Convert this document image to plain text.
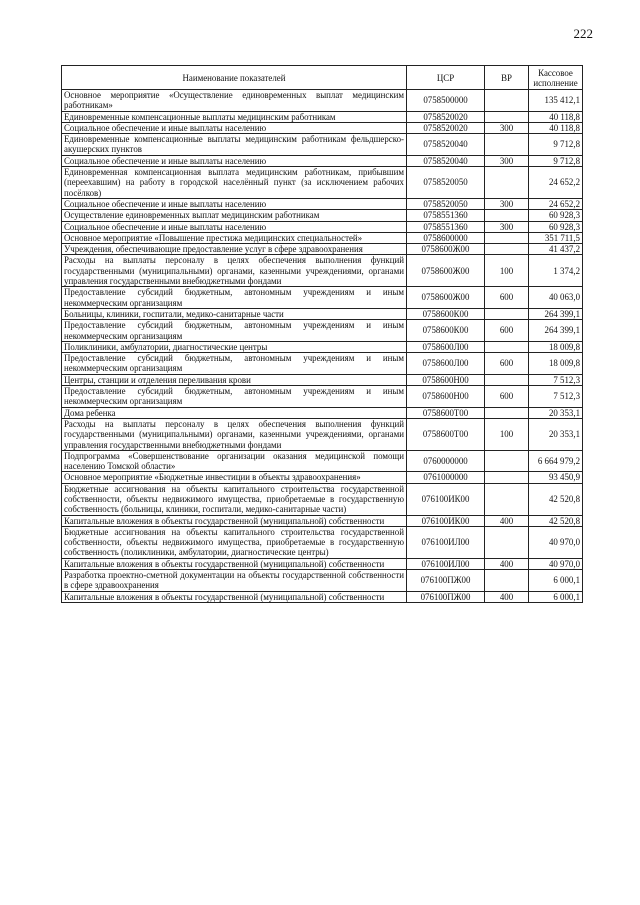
222
Наименование показателей	ЦСР	ВР	Кассовое исполнение
Основное мероприятие «Осуществление единовременных выплат медицинским работникам»	0758500000		135 412,1
Единовременные компенсационные выплаты медицинским работникам	0758520020		40 118,8
Социальное обеспечение и иные выплаты населению	0758520020	300	40 118,8
Единовременные компенсационные выплаты медицинским работникам фельдшерско-акушерских пунктов	0758520040		9 712,8
Социальное обеспечение и иные выплаты населению	0758520040	300	9 712,8
Единовременная компенсационная выплата медицинским работникам, прибывшим (переехавшим) на работу в городской населённый пункт (за исключением рабочих посёлков)	0758520050		24 652,2
Социальное обеспечение и иные выплаты населению	0758520050	300	24 652,2
Осуществление единовременных выплат медицинским работникам	0758551360		60 928,3
Социальное обеспечение и иные выплаты населению	0758551360	300	60 928,3
Основное мероприятие «Повышение престижа медицинских специальностей»	0758600000		351 711,5
Учреждения, обеспечивающие предоставление услуг в сфере здравоохранения	0758600Ж00		41 437,2
Расходы на выплаты персоналу в целях обеспечения выполнения функций государственными (муниципальными) органами, казенными учреждениями, органами управления государственными внебюджетными фондами	0758600Ж00	100	1 374,2
Предоставление субсидий бюджетным, автономным учреждениям и иным некоммерческим организациям	0758600Ж00	600	40 063,0
Больницы, клиники, госпитали, медико-санитарные части	0758600К00		264 399,1
Предоставление субсидий бюджетным, автономным учреждениям и иным некоммерческим организациям	0758600К00	600	264 399,1
Поликлиники, амбулатории, диагностические центры	0758600Л00		18 009,8
Предоставление субсидий бюджетным, автономным учреждениям и иным некоммерческим организациям	0758600Л00	600	18 009,8
Центры, станции и отделения переливания крови	0758600Н00		7 512,3
Предоставление субсидий бюджетным, автономным учреждениям и иным некоммерческим организациям	0758600Н00	600	7 512,3
Дома ребенка	0758600Т00		20 353,1
Расходы на выплаты персоналу в целях обеспечения выполнения функций государственными (муниципальными) органами, казенными учреждениями, органами управления государственными внебюджетными фондами	0758600Т00	100	20 353,1
Подпрограмма «Совершенствование организации оказания медицинской помощи населению Томской области»	0760000000		6 664 979,2
Основное мероприятие «Бюджетные инвестиции в объекты здравоохранения»	0761000000		93 450,9
Бюджетные ассигнования на объекты капитального строительства государственной собственности, объекты недвижимого имущества, приобретаемые в государственную собственность (больницы, клиники, госпитали, медико-санитарные части)	076100ИК00		42 520,8
Капитальные вложения в объекты государственной (муниципальной) собственности	076100ИК00	400	42 520,8
Бюджетные ассигнования на объекты капитального строительства государственной собственности, объекты недвижимого имущества, приобретаемые в государственную собственность (поликлиники, амбулатории, диагностические центры)	076100ИЛ00		40 970,0
Капитальные вложения в объекты государственной (муниципальной) собственности	076100ИЛ00	400	40 970,0
Разработка проектно-сметной документации на объекты государственной собственности в сфере здравоохранения	076100ПЖ00		6 000,1
Капитальные вложения в объекты государственной (муниципальной) собственности	076100ПЖ00	400	6 000,1
